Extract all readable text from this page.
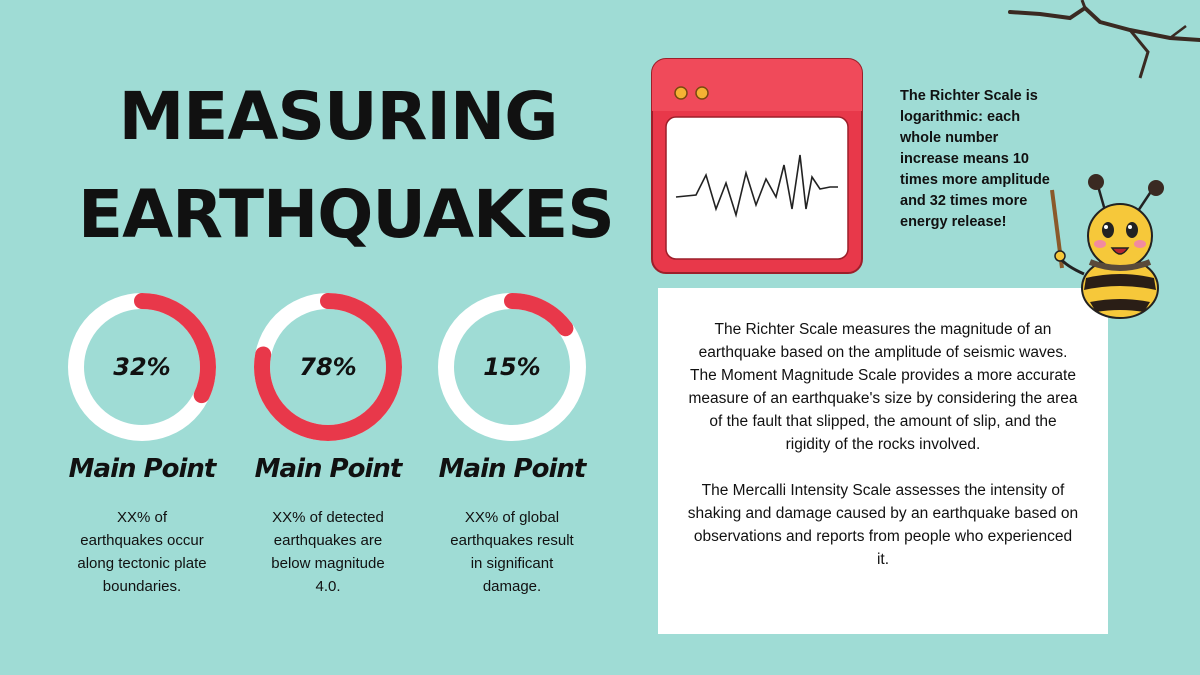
MEASURING
EARTHQUAKES
32%
Main Point
XX% of earthquakes occur along tectonic plate boundaries.
78%
Main Point
XX% of detected earthquakes are below magnitude 4.0.
15%
Main Point
XX% of global earthquakes result in significant damage.
The Richter Scale is logarithmic: each whole number increase means 10 times more amplitude and 32 times more energy release!

The Richter Scale measures the magnitude of an earthquake based on the amplitude of seismic waves. The Moment Magnitude Scale provides a more accurate measure of an earthquake's size by considering the area of the fault that slipped, the amount of slip, and the rigidity of the rocks involved.

The Mercalli Intensity Scale assesses the intensity of shaking and damage caused by an earthquake based on observations and reports from people who experienced it.
